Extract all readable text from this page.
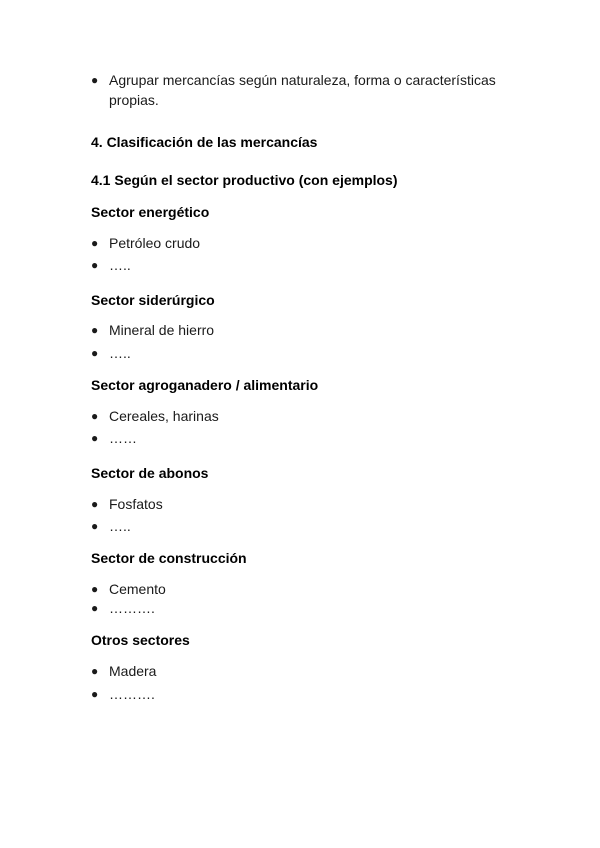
● Agrupar mercancías según naturaleza, forma o características propias.
4. Clasificación de las mercancías
4.1 Según el sector productivo (con ejemplos)
Sector energético
● Petróleo crudo
● …..
Sector siderúrgico
● Mineral de hierro
● …..
Sector agroganadero / alimentario
● Cereales, harinas
● ……
Sector de abonos
● Fosfatos
● …..
Sector de construcción
● Cemento
● ……….
Otros sectores
● Madera
● ……….
